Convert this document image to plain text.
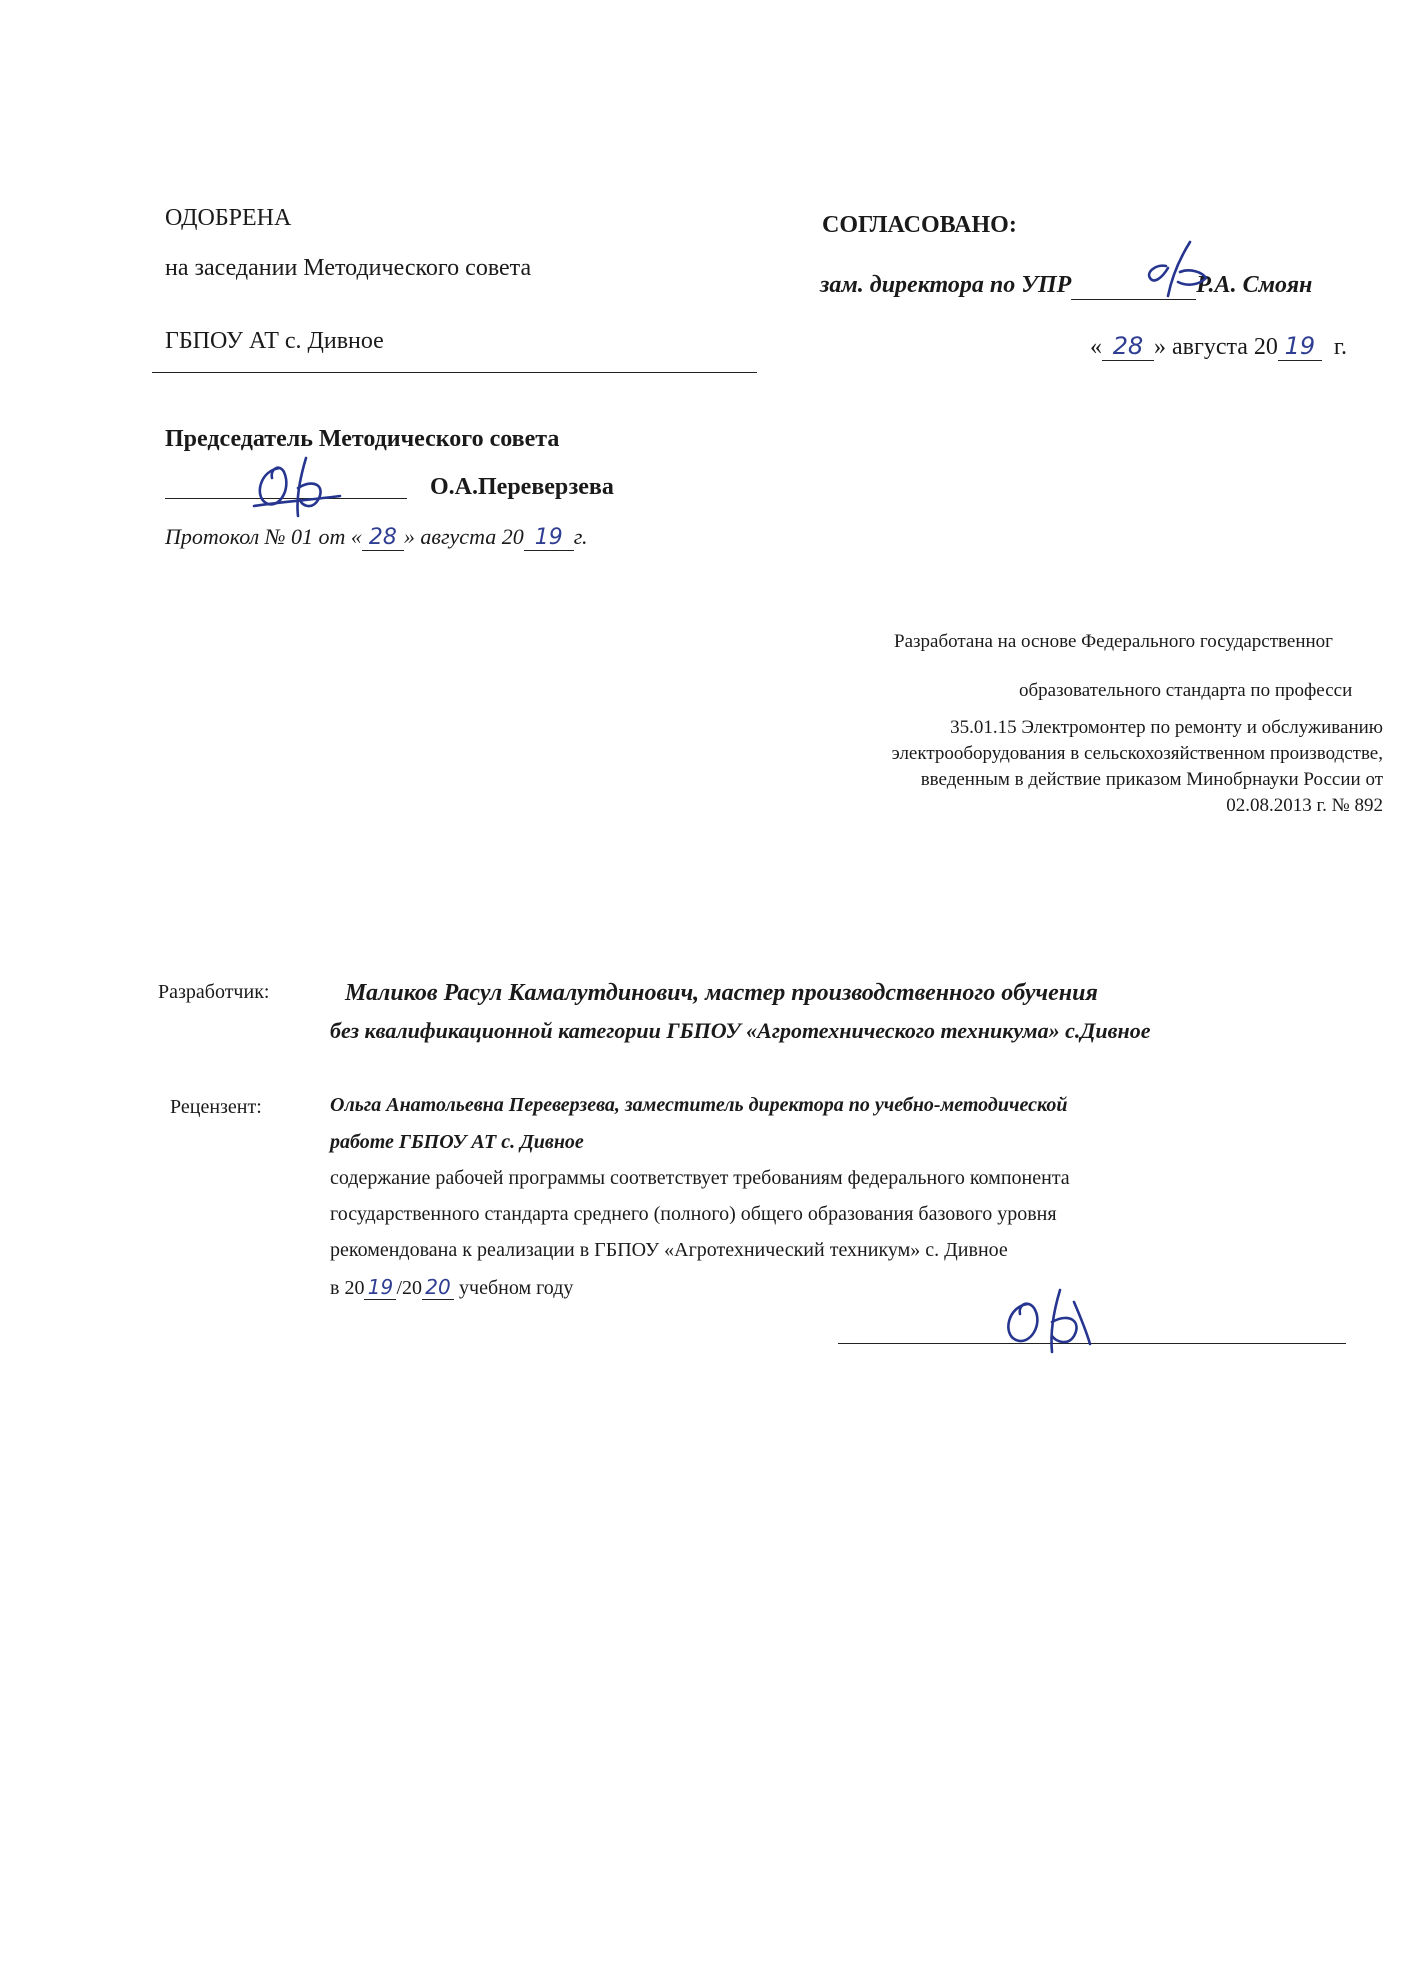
ОДОБРЕНА
на заседании Методического совета
ГБПОУ АТ с. Дивное
Председатель Методического совета
О.А.Переверзева
Протокол № 01 от « 28 » августа 20 19 г.
СОГЛАСОВАНО:
зам. директора по УПР	Р.А. Смоян
« 28 » августа 20 19 г.
Разработана на основе Федерального государственног
образовательного стандарта по професси
35.01.15 Электромонтер по ремонту и обслуживанию
электрооборудования в сельскохозяйственном производстве,
введенным в действие приказом Минобрнауки России от
02.08.2013 г. № 892
Разработчик:	Маликов Расул Камалутдинович, мастер производственного обучения
без квалификационной категории ГБПОУ «Агротехнического техникума» с.Дивное
Рецензент:	Ольга Анатольевна Переверзева, заместитель директора по учебно-методической
работе ГБПОУ АТ с. Дивное
содержание рабочей программы соответствует требованиям федерального компонента
государственного стандарта среднего (полного) общего образования базового уровня
рекомендована к реализации в ГБПОУ «Агротехнический техникум» с. Дивное
в 20 19 /20 20 учебном году
